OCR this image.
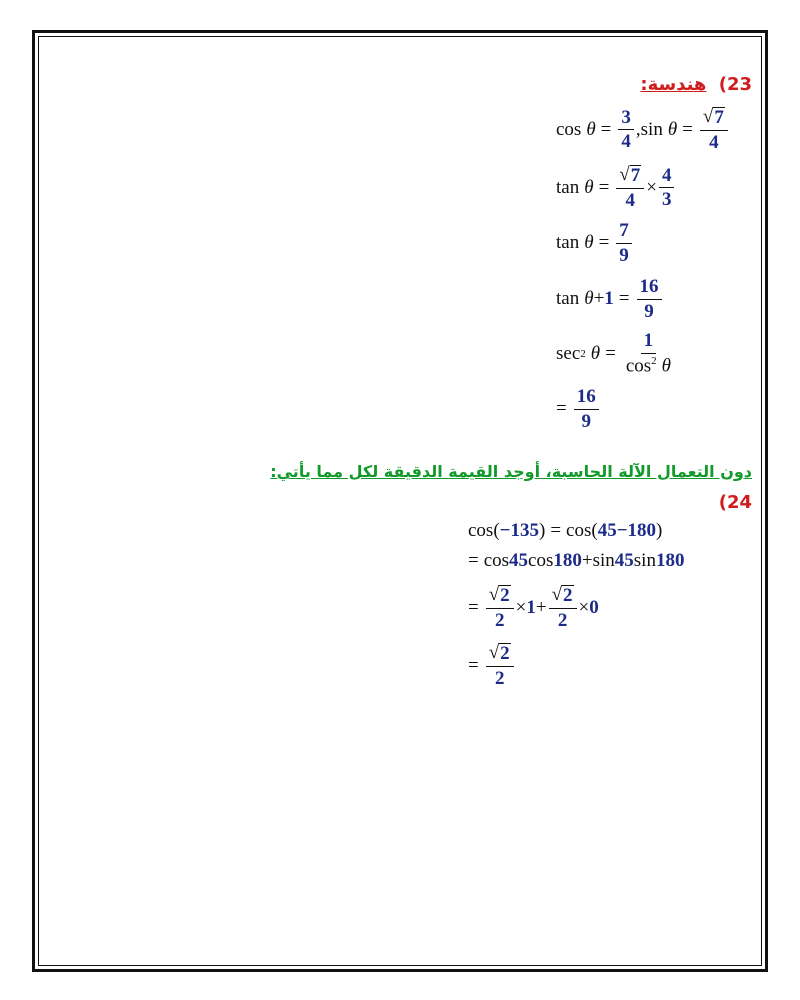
23) هندسة:
$\cos \theta = \frac{3}{4}$ , $\sin \theta = \frac{√ 7}{4}$
$\tan \theta = \frac{√ 7}{4} \times \frac{4}{3}$
$\tan \theta = \frac{7}{9}$
$\tan \theta + 1 = \frac{16}{9}$
sec 2 $\theta = \frac{1}{\cos^2 \theta}$
= $\frac{16}{9}$
دون التعمال الآلة الحاسبة، أوجد القيمة الدقيقة لكل مما يأتي:
(24
cos ( − 135 ) = cos ( 45 − 180 )
= cos 45 cos 180 + sin 45 sin 180
= $\frac{√ 2}{2} \times 1 + \frac{√ 2}{2} \times 0$
= $\frac{√ 2}{2}$
